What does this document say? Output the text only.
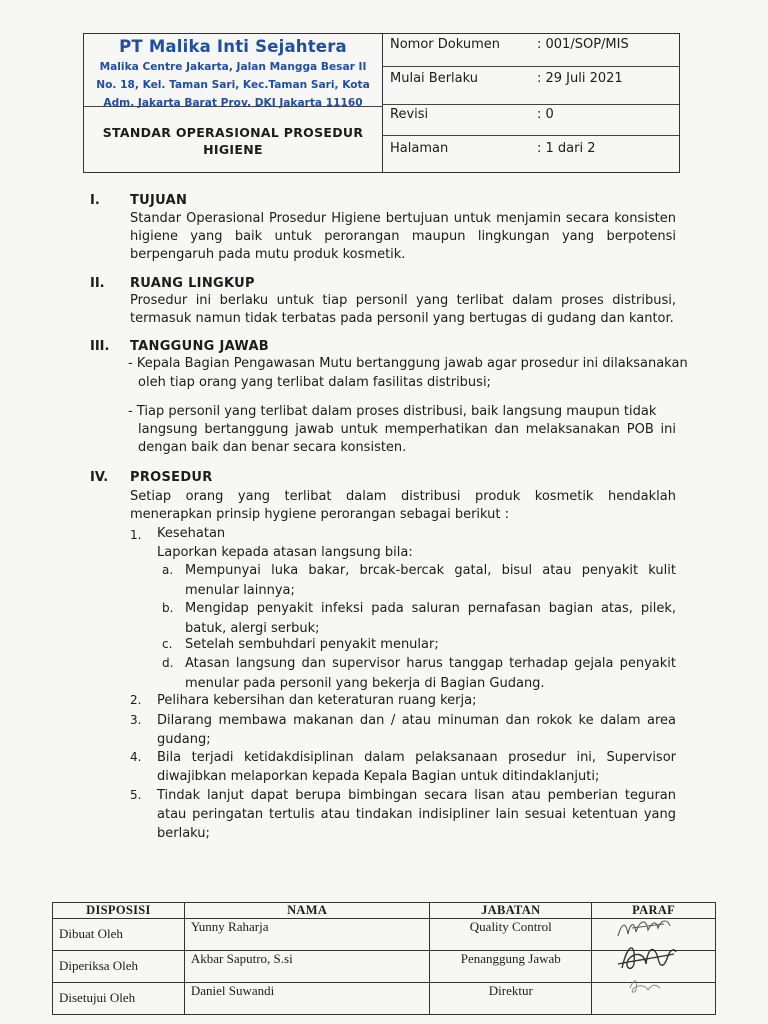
PT Malika Inti Sejahtera
Malika Centre Jakarta, Jalan Mangga Besar II
No. 18, Kel. Taman Sari, Kec.Taman Sari, Kota
Adm. Jakarta Barat Prov. DKI Jakarta 11160
STANDAR OPERASIONAL PROSEDUR
HIGIENE
Nomor Dokumen	: 001/SOP/MIS
Mulai Berlaku	: 29 Juli 2021
Revisi	: 0
Halaman	: 1 dari 2
I. TUJUAN
Standar Operasional Prosedur Higiene bertujuan untuk menjamin secara konsisten higiene yang baik untuk perorangan maupun lingkungan yang berpotensi berpengaruh pada mutu produk kosmetik.
II. RUANG LINGKUP
Prosedur ini berlaku untuk tiap personil yang terlibat dalam proses distribusi, termasuk namun tidak terbatas pada personil yang bertugas di gudang dan kantor.
III. TANGGUNG JAWAB
- Kepala Bagian Pengawasan Mutu bertanggung jawab agar prosedur ini dilaksanakan
oleh tiap orang yang terlibat dalam fasilitas distribusi;
- Tiap personil yang terlibat dalam proses distribusi, baik langsung maupun tidak
langsung bertanggung jawab untuk memperhatikan dan melaksanakan POB ini dengan baik dan benar secara konsisten.
IV. PROSEDUR
Setiap orang yang terlibat dalam distribusi produk kosmetik hendaklah menerapkan prinsip hygiene perorangan sebagai berikut :
1. Kesehatan
Laporkan kepada atasan langsung bila:
a. Mempunyai luka bakar, brcak-bercak gatal, bisul atau penyakit kulit menular lainnya;
b. Mengidap penyakit infeksi pada saluran pernafasan bagian atas, pilek, batuk, alergi serbuk;
c. Setelah sembuhdari penyakit menular;
d. Atasan langsung dan supervisor harus tanggap terhadap gejala penyakit menular pada personil yang bekerja di Bagian Gudang.
2. Pelihara kebersihan dan keteraturan ruang kerja;
3. Dilarang membawa makanan dan / atau minuman dan rokok ke dalam area gudang;
4. Bila terjadi ketidakdisiplinan dalam pelaksanaan prosedur ini, Supervisor diwajibkan melaporkan kepada Kepala Bagian untuk ditindaklanjuti;
5. Tindak lanjut dapat berupa bimbingan secara lisan atau pemberian teguran atau peringatan tertulis atau tindakan indisipliner lain sesuai ketentuan yang berlaku;
DISPOSISI	NAMA	JABATAN	PARAF
Dibuat Oleh	Yunny Raharja	Quality Control	
Diperiksa Oleh	Akbar Saputro, S.si	Penanggung Jawab	
Disetujui Oleh	Daniel Suwandi	Direktur	
